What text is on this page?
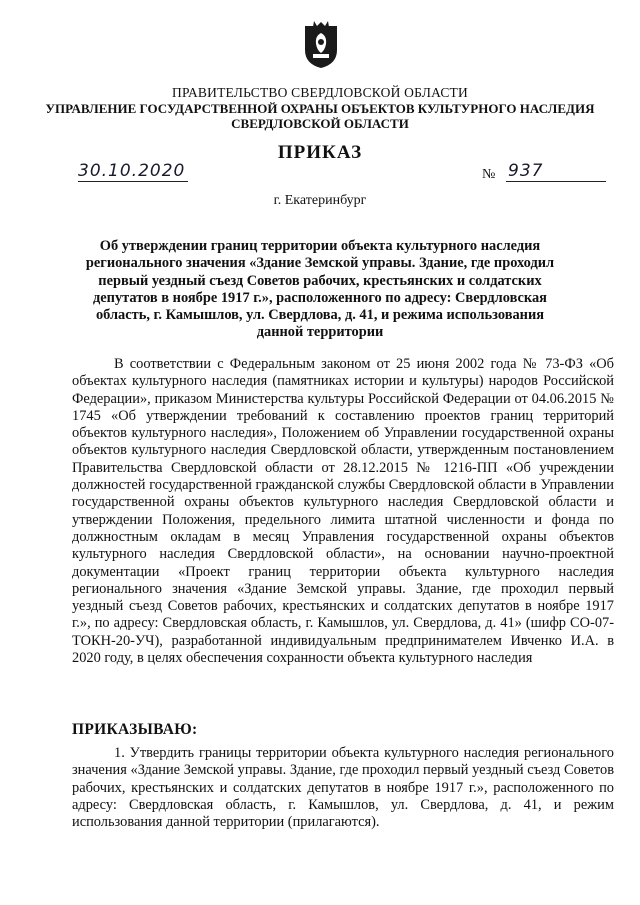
ПРАВИТЕЛЬСТВО СВЕРДЛОВСКОЙ ОБЛАСТИ
УПРАВЛЕНИЕ ГОСУДАРСТВЕННОЙ ОХРАНЫ ОБЪЕКТОВ КУЛЬТУРНОГО НАСЛЕДИЯ СВЕРДЛОВСКОЙ ОБЛАСТИ
ПРИКАЗ
30.10.2020	№ 937
г. Екатеринбург
Об утверждении границ территории объекта культурного наследия регионального значения «Здание Земской управы. Здание, где проходил первый уездный съезд Советов рабочих, крестьянских и солдатских депутатов в ноябре 1917 г.», расположенного по адресу: Свердловская область, г. Камышлов, ул. Свердлова, д. 41, и режима использования данной территории
В соответствии с Федеральным законом от 25 июня 2002 года № 73-ФЗ «Об объектах культурного наследия (памятниках истории и культуры) народов Российской Федерации», приказом Министерства культуры Российской Федерации от 04.06.2015 № 1745 «Об утверждении требований к составлению проектов границ территорий объектов культурного наследия», Положением об Управлении государственной охраны объектов культурного наследия Свердловской области, утвержденным постановлением Правительства Свердловской области от 28.12.2015 № 1216-ПП «Об учреждении должностей государственной гражданской службы Свердловской области в Управлении государственной охраны объектов культурного наследия Свердловской области и утверждении Положения, предельного лимита штатной численности и фонда по должностным окладам в месяц Управления государственной охраны объектов культурного наследия Свердловской области», на основании научно-проектной документации «Проект границ территории объекта культурного наследия регионального значения «Здание Земской управы. Здание, где проходил первый уездный съезд Советов рабочих, крестьянских и солдатских депутатов в ноябре 1917 г.», по адресу: Свердловская область, г. Камышлов, ул. Свердлова, д. 41» (шифр СО-07-ТОКН-20-УЧ), разработанной индивидуальным предпринимателем Ивченко И.А. в 2020 году, в целях обеспечения сохранности объекта культурного наследия
ПРИКАЗЫВАЮ:
1. Утвердить границы территории объекта культурного наследия регионального значения «Здание Земской управы. Здание, где проходил первый уездный съезд Советов рабочих, крестьянских и солдатских депутатов в ноябре 1917 г.», расположенного по адресу: Свердловская область, г. Камышлов, ул. Свердлова, д. 41, и режим использования данной территории (прилагаются).
